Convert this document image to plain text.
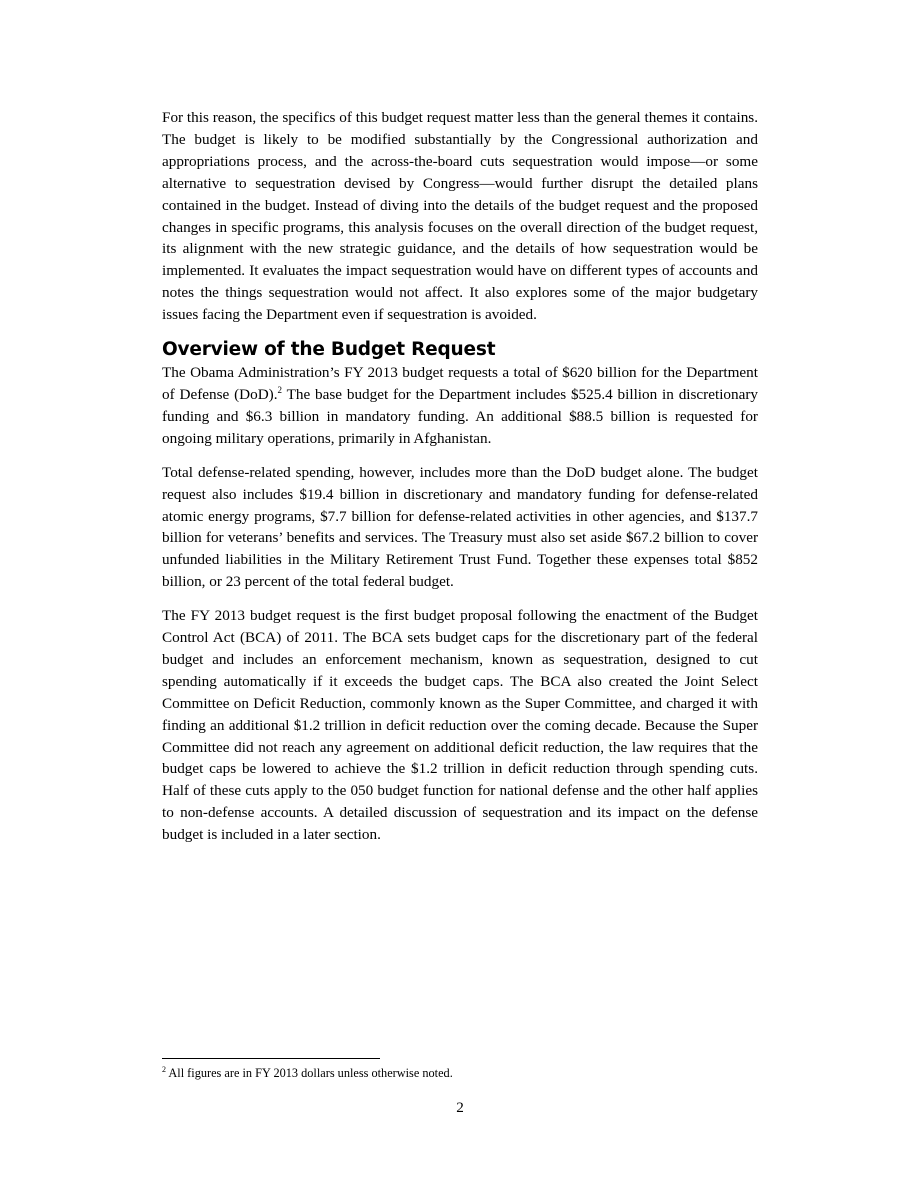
For this reason, the specifics of this budget request matter less than the general themes it contains. The budget is likely to be modified substantially by the Congressional authorization and appropriations process, and the across-the-board cuts sequestration would impose—or some alternative to sequestration devised by Congress—would further disrupt the detailed plans contained in the budget. Instead of diving into the details of the budget request and the proposed changes in specific programs, this analysis focuses on the overall direction of the budget request, its alignment with the new strategic guidance, and the details of how sequestration would be implemented. It evaluates the impact sequestration would have on different types of accounts and notes the things sequestration would not affect. It also explores some of the major budgetary issues facing the Department even if sequestration is avoided.

Overview of the Budget Request

The Obama Administration’s FY 2013 budget requests a total of $620 billion for the Department of Defense (DoD).$^2$ The base budget for the Department includes $525.4 billion in discretionary funding and $6.3 billion in mandatory funding. An additional $88.5 billion is requested for ongoing military operations, primarily in Afghanistan.

Total defense-related spending, however, includes more than the DoD budget alone. The budget request also includes $19.4 billion in discretionary and mandatory funding for defense-related atomic energy programs, $7.7 billion for defense-related activities in other agencies, and $137.7 billion for veterans’ benefits and services. The Treasury must also set aside $67.2 billion to cover unfunded liabilities in the Military Retirement Trust Fund. Together these expenses total $852 billion, or 23 percent of the total federal budget.

The FY 2013 budget request is the first budget proposal following the enactment of the Budget Control Act (BCA) of 2011. The BCA sets budget caps for the discretionary part of the federal budget and includes an enforcement mechanism, known as sequestration, designed to cut spending automatically if it exceeds the budget caps. The BCA also created the Joint Select Committee on Deficit Reduction, commonly known as the Super Committee, and charged it with finding an additional $1.2 trillion in deficit reduction over the coming decade. Because the Super Committee did not reach any agreement on additional deficit reduction, the law requires that the budget caps be lowered to achieve the $1.2 trillion in deficit reduction through spending cuts. Half of these cuts apply to the 050 budget function for national defense and the other half applies to non-defense accounts. A detailed discussion of sequestration and its impact on the defense budget is included in a later section.

$^2$ All figures are in FY 2013 dollars unless otherwise noted.
2
